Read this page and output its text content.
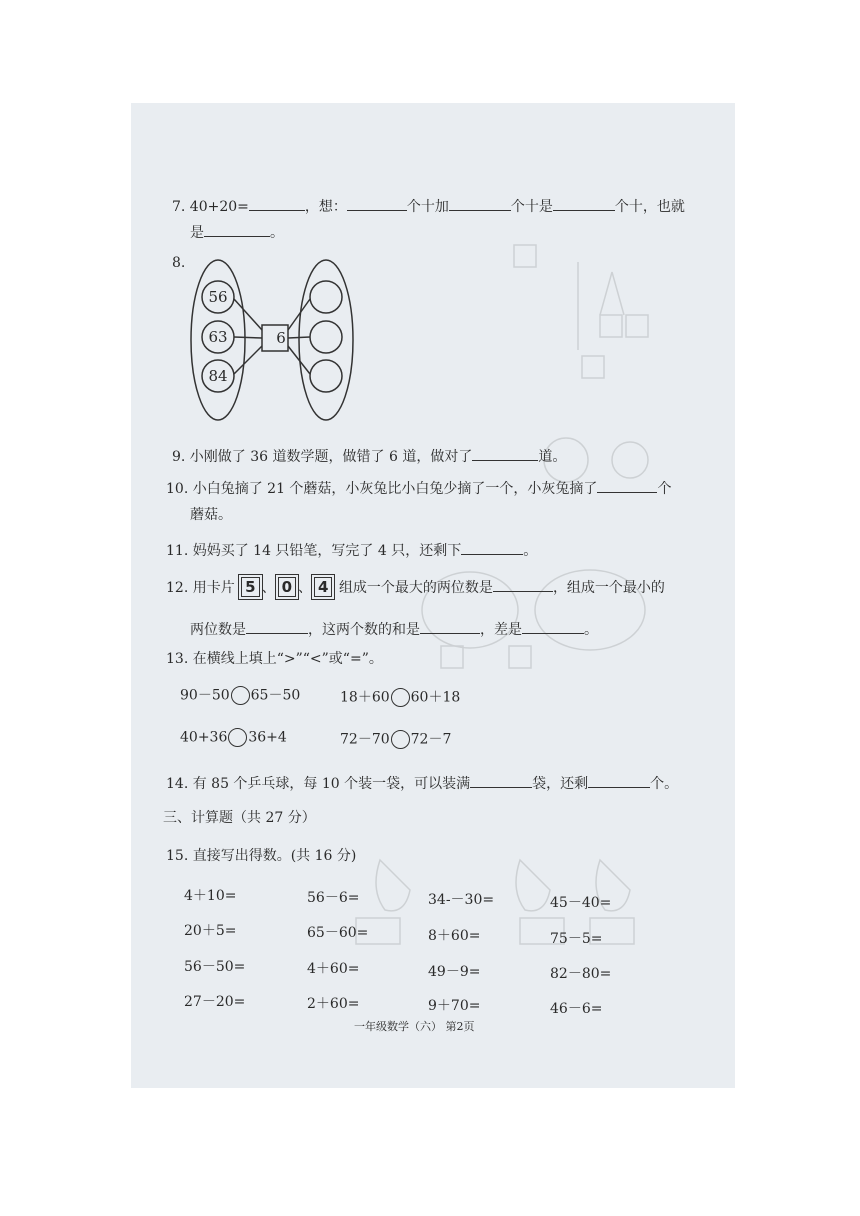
7. 40+20=	，想：	个十加	个十是	个十，也就
是	。
8.
56
63
84
6
9. 小刚做了 36 道数学题，做错了 6 道，做对了	道。
10. 小白兔摘了 21 个蘑菇，小灰兔比小白兔少摘了一个，小灰兔摘了	个
蘑菇。
11. 妈妈买了 14 只铅笔，写完了 4 只，还剩下	。
12. 用卡片 5 、 0 、 4 组成一个最大的两位数是	，组成一个最小的
两位数是	，这两个数的和是	，差是	。
13. 在横线上填上“>”“<”或“=”。
90－50 65－50	18＋60 60＋18
40+36 36+4	72－70 72－7
14. 有 85 个乒乓球，每 10 个装一袋，可以装满	袋，还剩	个。
三、计算题（共 27 分）
15. 直接写出得数。(共 16 分)
4＋10=	56－6=	34-－30=	45－40=
20＋5=	65－60=	8＋60=	75－5=
56－50=	4＋60=	49－9=	82－80=
27－20=	2＋60=	9＋70=	46－6=
一年级数学（六） 第2页
